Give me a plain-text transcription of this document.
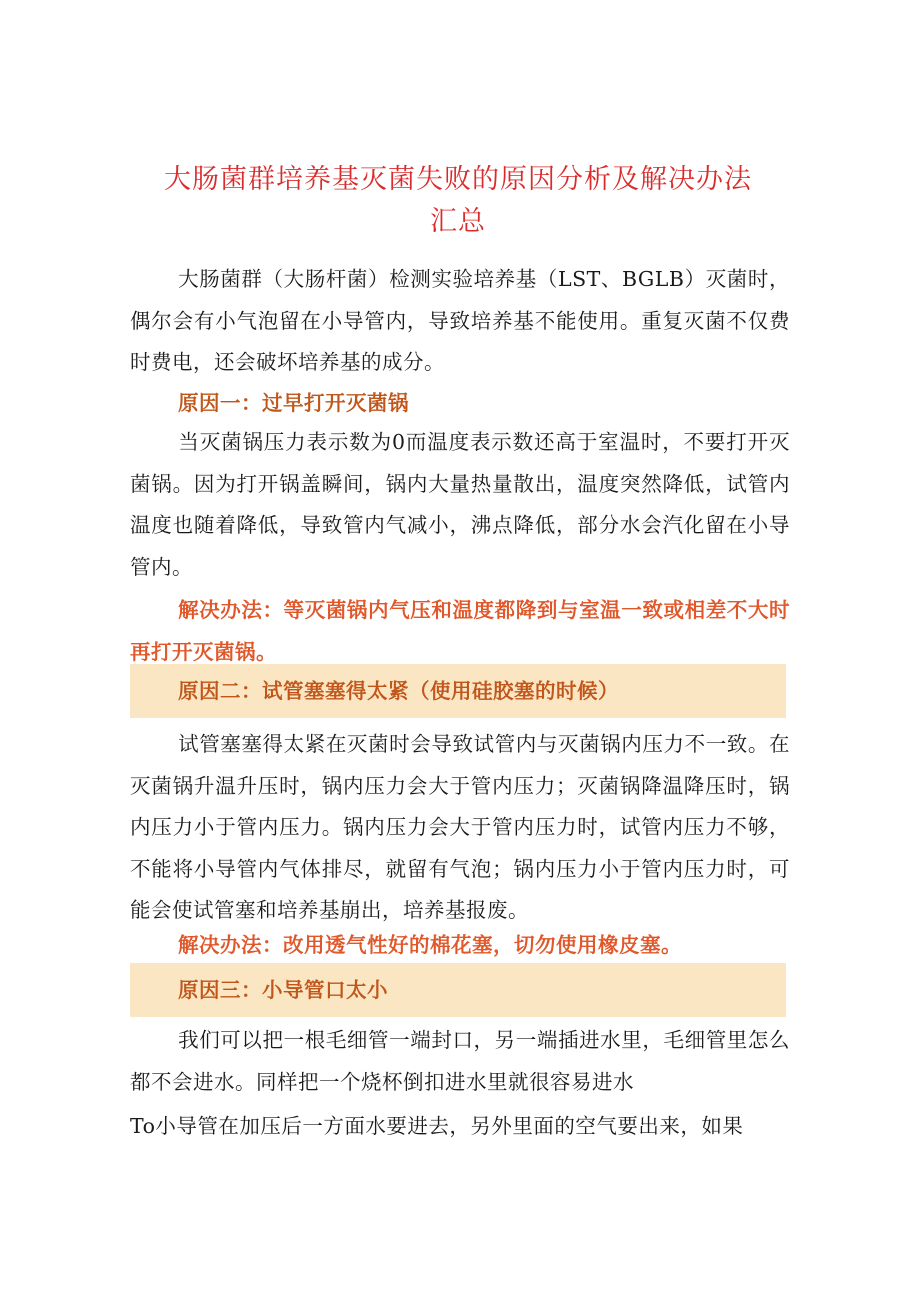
大肠菌群培养基灭菌失败的原因分析及解决办法
汇总

大肠菌群（大肠杆菌）检测实验培养基（LST、BGLB）灭菌时，偶尔会有小气泡留在小导管内，导致培养基不能使用。重复灭菌不仅费时费电，还会破坏培养基的成分。

原因一：过早打开灭菌锅

当灭菌锅压力表示数为0而温度表示数还高于室温时，不要打开灭菌锅。因为打开锅盖瞬间，锅内大量热量散出，温度突然降低，试管内温度也随着降低，导致管内气减小，沸点降低，部分水会汽化留在小导管内。

解决办法：等灭菌锅内气压和温度都降到与室温一致或相差不大时再打开灭菌锅。

原因二：试管塞塞得太紧（使用硅胶塞的时候）

试管塞塞得太紧在灭菌时会导致试管内与灭菌锅内压力不一致。在灭菌锅升温升压时，锅内压力会大于管内压力；灭菌锅降温降压时，锅内压力小于管内压力。锅内压力会大于管内压力时，试管内压力不够，不能将小导管内气体排尽，就留有气泡；锅内压力小于管内压力时，可能会使试管塞和培养基崩出，培养基报废。

解决办法：改用透气性好的棉花塞，切勿使用橡皮塞。

原因三：小导管口太小

我们可以把一根毛细管一端封口，另一端插进水里，毛细管里怎么都不会进水。同样把一个烧杯倒扣进水里就很容易进水

To小导管在加压后一方面水要进去，另外里面的空气要出来，如果
